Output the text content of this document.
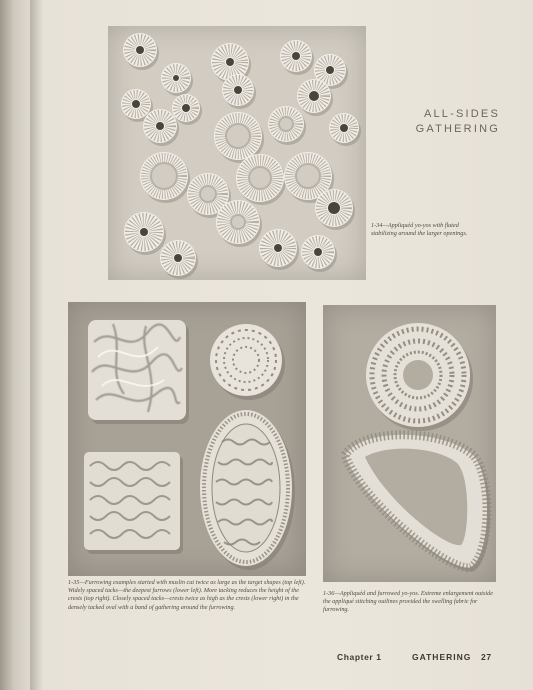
ALL-SIDES
GATHERING
1-34—Appliquéd yo-yos with fluted stabilizing around the larger openings.
1-35—Furrowing examples started with muslin cut twice as large as the target shapes (top left). Widely spaced tacks—the deepest furrows (lower left). More tacking reduces the height of the crests (top right). Closely spaced tacks—crests twice as high as the crests (lower right) in the densely tacked oval with a band of gathering around the furrowing.
1-36—Appliquéd and furrowed yo-yos. Extreme enlargement outside the appliqué stitching outlines provided the swelling fabric for furrowing.
Chapter 1	GATHERING 27
